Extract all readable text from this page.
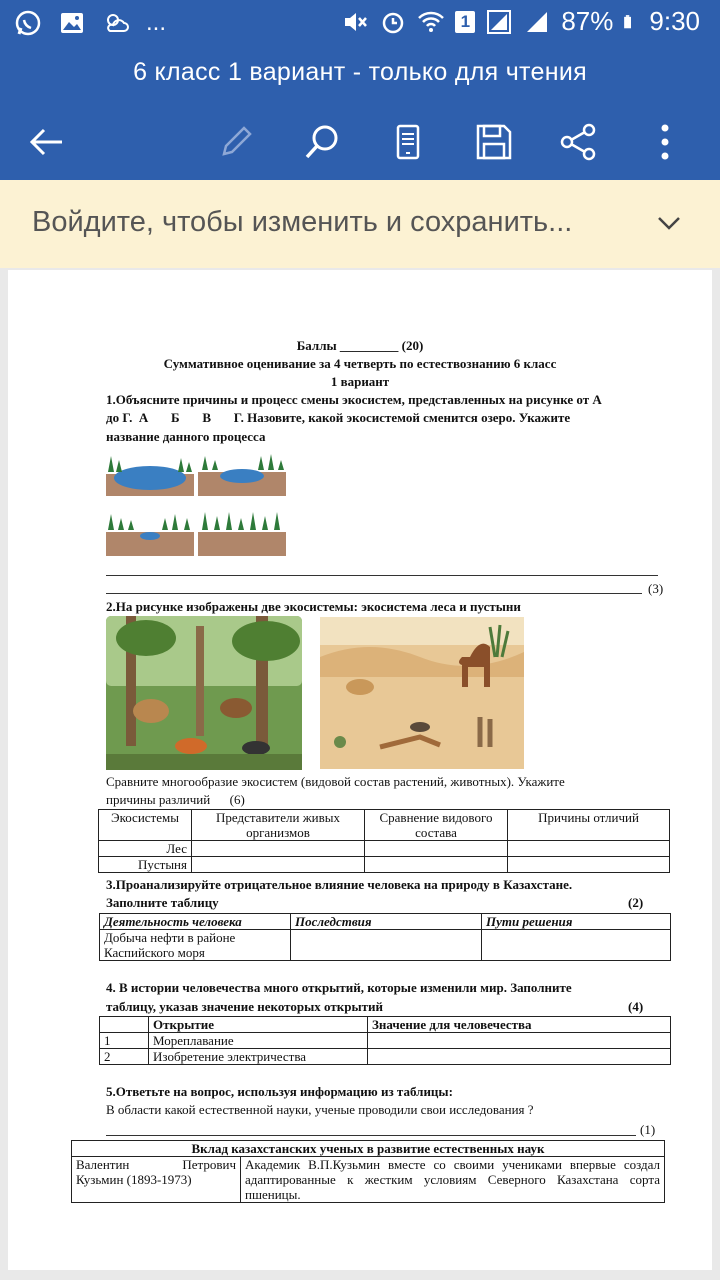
...	1	87% 9:30
6 класс 1 вариант - только для чтения
Войдите, чтобы изменить и сохранить...
Баллы _________ (20)
Суммативное оценивание за 4 четверть по естествознанию 6 класс
1 вариант
1.Объясните причины и процесс смены экосистем, представленных на рисунке от А
до Г.  А       Б       В       Г. Назовите, какой экосистемой сменится озеро. Укажите
название данного процесса
(3)
2.На рисунке изображены две экосистемы: экосистема леса и пустыни
Сравните многообразие экосистем (видовой состав растений, животных). Укажите
причины различий      (6)
Экосистемы	Представители живых организмов	Сравнение видового состава	Причины отличий
Лес			
Пустыня			
3.Проанализируйте отрицательное влияние человека на природу в Казахстане.
Заполните таблицу	(2)
Деятельность человека	Последствия	Пути решения
Добыча нефти в районе Каспийского моря		
4. В истории человечества много открытий, которые изменили мир. Заполните
таблицу, указав значение некоторых открытий	(4)
	Открытие	Значение для человечества
1	Мореплавание	
2	Изобретение электричества	
5.Ответьте на вопрос, используя информацию из таблицы:
В области какой естественной науки, ученые проводили свои исследования ?
(1)
Вклад казахстанских ученых в развитие естественных наук
Валентин Петрович Кузьмин (1893-1973)	Академик В.П.Кузьмин вместе со своими учениками впервые создал адаптированные к жестким условиям Северного Казахстана сорта пшеницы.
